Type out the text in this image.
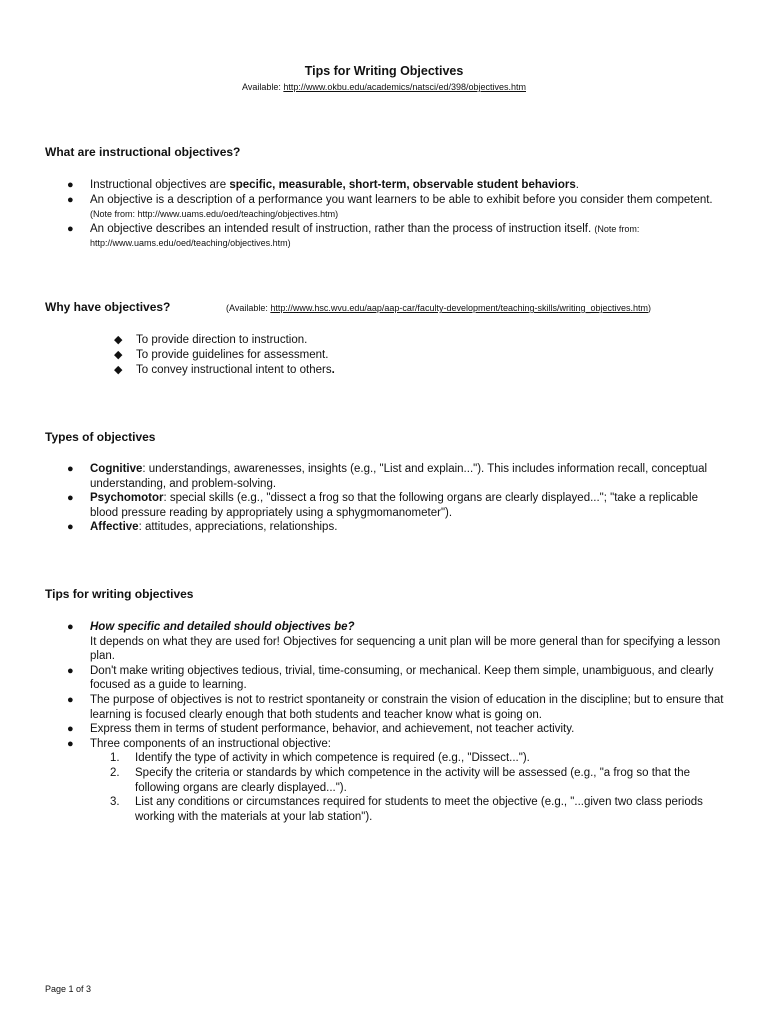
Tips for Writing Objectives
Available: http://www.okbu.edu/academics/natsci/ed/398/objectives.htm
What are instructional objectives?
● Instructional objectives are specific, measurable, short-term, observable student behaviors.
● An objective is a description of a performance you want learners to be able to exhibit before you consider them competent. (Note from: http://www.uams.edu/oed/teaching/objectives.htm)
● An objective describes an intended result of instruction, rather than the process of instruction itself. (Note from: http://www.uams.edu/oed/teaching/objectives.htm)
Why have objectives?	(Available: http://www.hsc.wvu.edu/aap/aap-car/faculty-development/teaching-skills/writing_objectives.htm)
◆ To provide direction to instruction.
◆ To provide guidelines for assessment.
◆ To convey instructional intent to others.
Types of objectives
● Cognitive: understandings, awarenesses, insights (e.g., "List and explain..."). This includes information recall, conceptual understanding, and problem-solving.
● Psychomotor: special skills (e.g., "dissect a frog so that the following organs are clearly displayed..."; "take a replicable blood pressure reading by appropriately using a sphygmomanometer").
● Affective: attitudes, appreciations, relationships.
Tips for writing objectives
● How specific and detailed should objectives be?
It depends on what they are used for! Objectives for sequencing a unit plan will be more general than for specifying a lesson plan.
● Don't make writing objectives tedious, trivial, time-consuming, or mechanical. Keep them simple, unambiguous, and clearly focused as a guide to learning.
● The purpose of objectives is not to restrict spontaneity or constrain the vision of education in the discipline; but to ensure that learning is focused clearly enough that both students and teacher know what is going on.
● Express them in terms of student performance, behavior, and achievement, not teacher activity.
● Three components of an instructional objective:
1. Identify the type of activity in which competence is required (e.g., "Dissect...").
2. Specify the criteria or standards by which competence in the activity will be assessed (e.g., "a frog so that the following organs are clearly displayed...").
3. List any conditions or circumstances required for students to meet the objective (e.g., "...given two class periods working with the materials at your lab station").
Page 1 of 3
